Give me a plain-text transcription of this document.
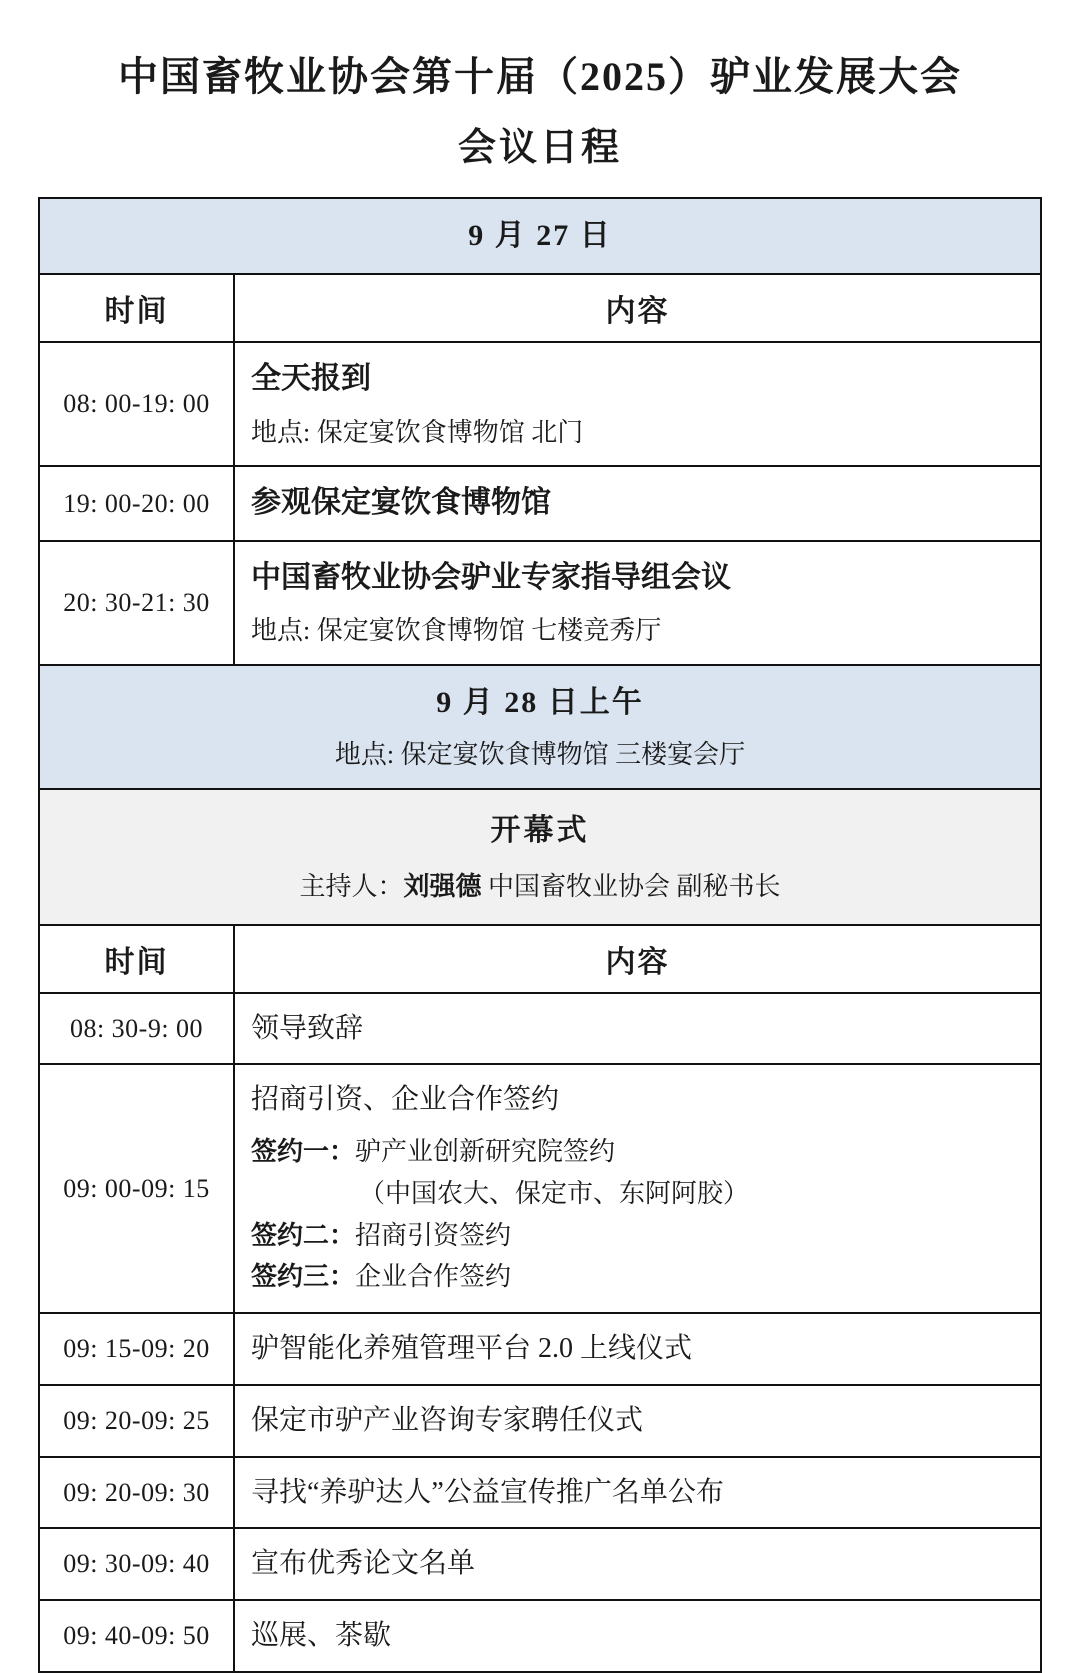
中国畜牧业协会第十届（2025）驴业发展大会
会议日程
9 月 27 日	

时间	内容
08: 00-19: 00	全天报到
地点: 保定宴饮食博物馆 北门

19: 00-20: 00	参观保定宴饮食博物馆

20: 30-21: 30	中国畜牧业协会驴业专家指导组会议
地点: 保定宴饮食博物馆 七楼竞秀厅

9 月 28 日上午
地点: 保定宴饮食博物馆 三楼宴会厅	

开幕式
主持人：刘强德 中国畜牧业协会 副秘书长	

时间	内容
08: 30-9: 00	领导致辞

09: 00-09: 15	招商引资、企业合作签约
签约一：驴产业创新研究院签约
（中国农大、保定市、东阿阿胶）
签约二：招商引资签约
签约三：企业合作签约

09: 15-09: 20	驴智能化养殖管理平台 2.0 上线仪式

09: 20-09: 25	保定市驴产业咨询专家聘任仪式

09: 20-09: 30	寻找“养驴达人”公益宣传推广名单公布

09: 30-09: 40	宣布优秀论文名单

09: 40-09: 50	巡展、茶歇
